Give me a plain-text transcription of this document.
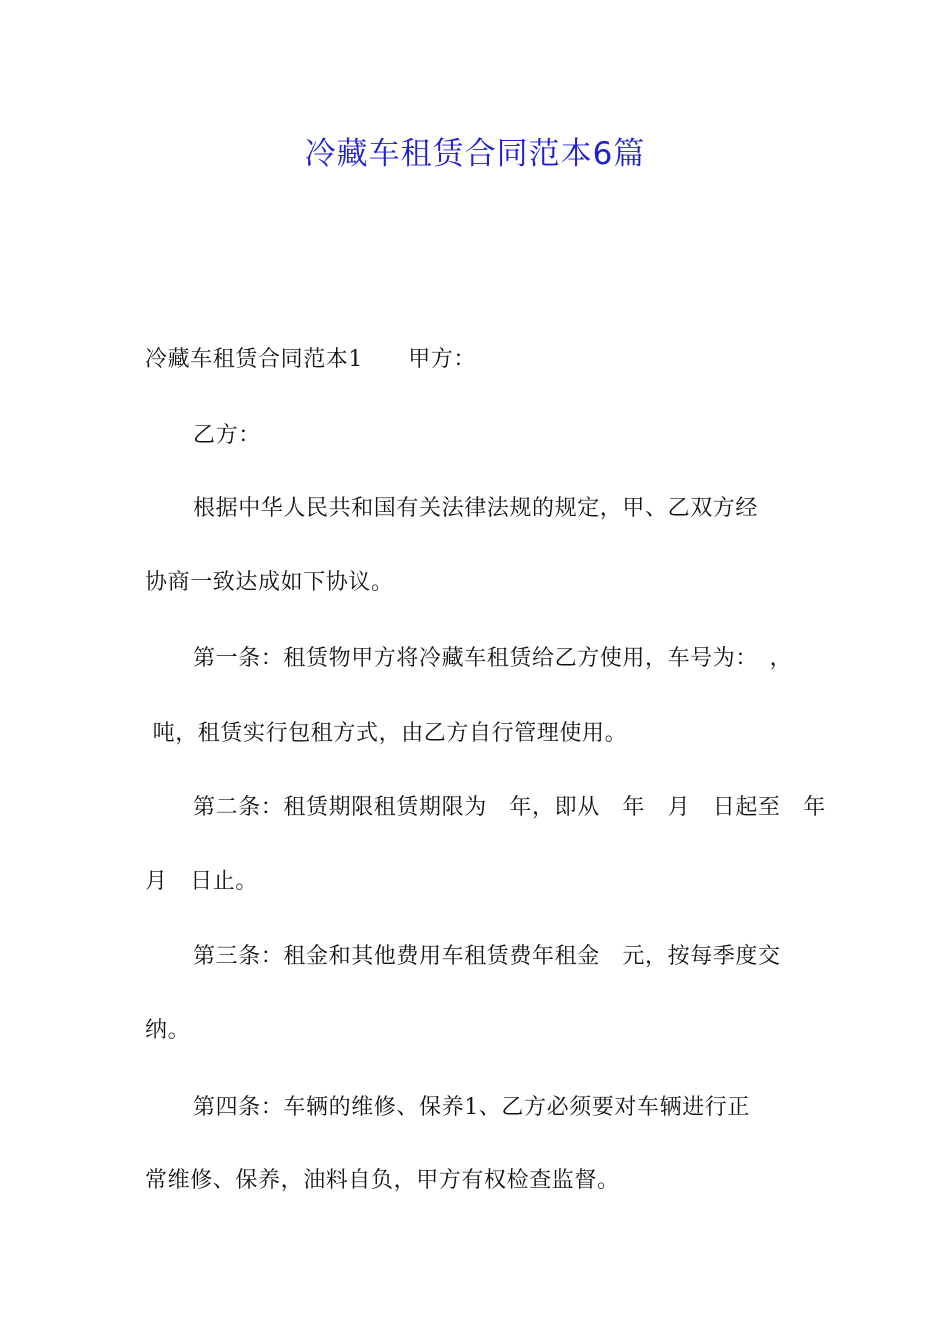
冷藏车租赁合同范本6篇
冷藏车租赁合同范本1　　甲方：
乙方：
根据中华人民共和国有关法律法规的规定，甲、乙双方经
协商一致达成如下协议。
第一条：租赁物甲方将冷藏车租赁给乙方使用，车号为：　，
吨，租赁实行包租方式，由乙方自行管理使用。
第二条：租赁期限租赁期限为　年，即从　年　月　日起至　年
月　日止。
第三条：租金和其他费用车租赁费年租金　元，按每季度交
纳。
第四条：车辆的维修、保养1、乙方必须要对车辆进行正
常维修、保养，油料自负，甲方有权检查监督。
